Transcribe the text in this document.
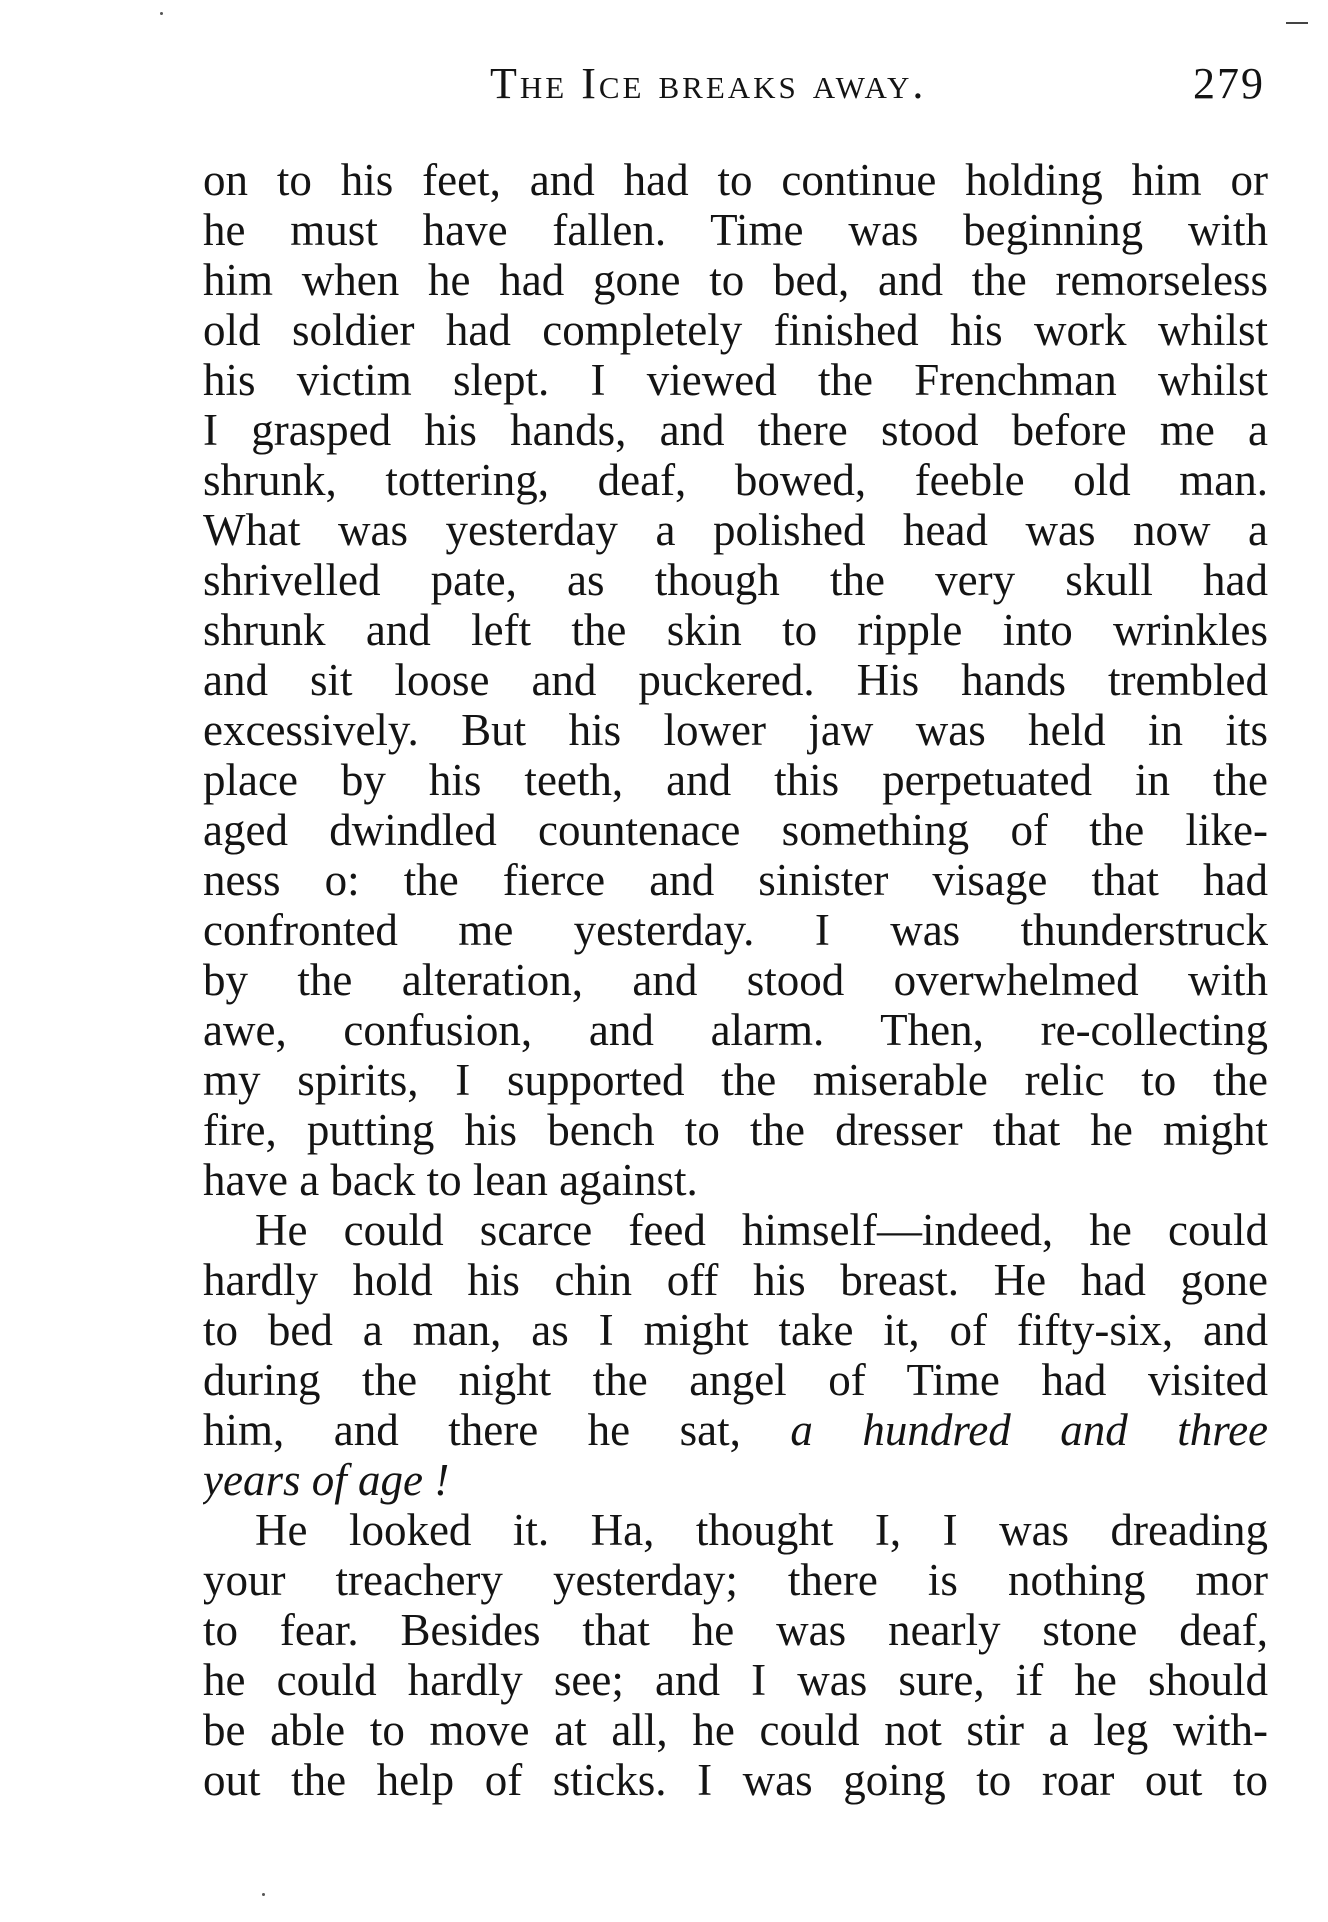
The Ice breaks away.	279
on to his feet, and had to continue holding him or
he must have fallen. Time was beginning with
him when he had gone to bed, and the remorseless
old soldier had completely finished his work whilst
his victim slept. I viewed the Frenchman whilst
I grasped his hands, and there stood before me a
shrunk, tottering, deaf, bowed, feeble old man.
What was yesterday a polished head was now a
shrivelled pate, as though the very skull had
shrunk and left the skin to ripple into wrinkles
and sit loose and puckered. His hands trembled
excessively. But his lower jaw was held in its
place by his teeth, and this perpetuated in the
aged dwindled countenace something of the like-
ness o: the fierce and sinister visage that had
confronted me yesterday. I was thunderstruck
by the alteration, and stood overwhelmed with
awe, confusion, and alarm. Then, re-collecting
my spirits, I supported the miserable relic to the
fire, putting his bench to the dresser that he might
have a back to lean against.
He could scarce feed himself—indeed, he could
hardly hold his chin off his breast. He had gone
to bed a man, as I might take it, of fifty-six, and
during the night the angel of Time had visited
him, and there he sat, a hundred and three
years of age !
He looked it. Ha, thought I, I was dreading
your treachery yesterday; there is nothing mor
to fear. Besides that he was nearly stone deaf,
he could hardly see; and I was sure, if he should
be able to move at all, he could not stir a leg with-
out the help of sticks. I was going to roar out to
